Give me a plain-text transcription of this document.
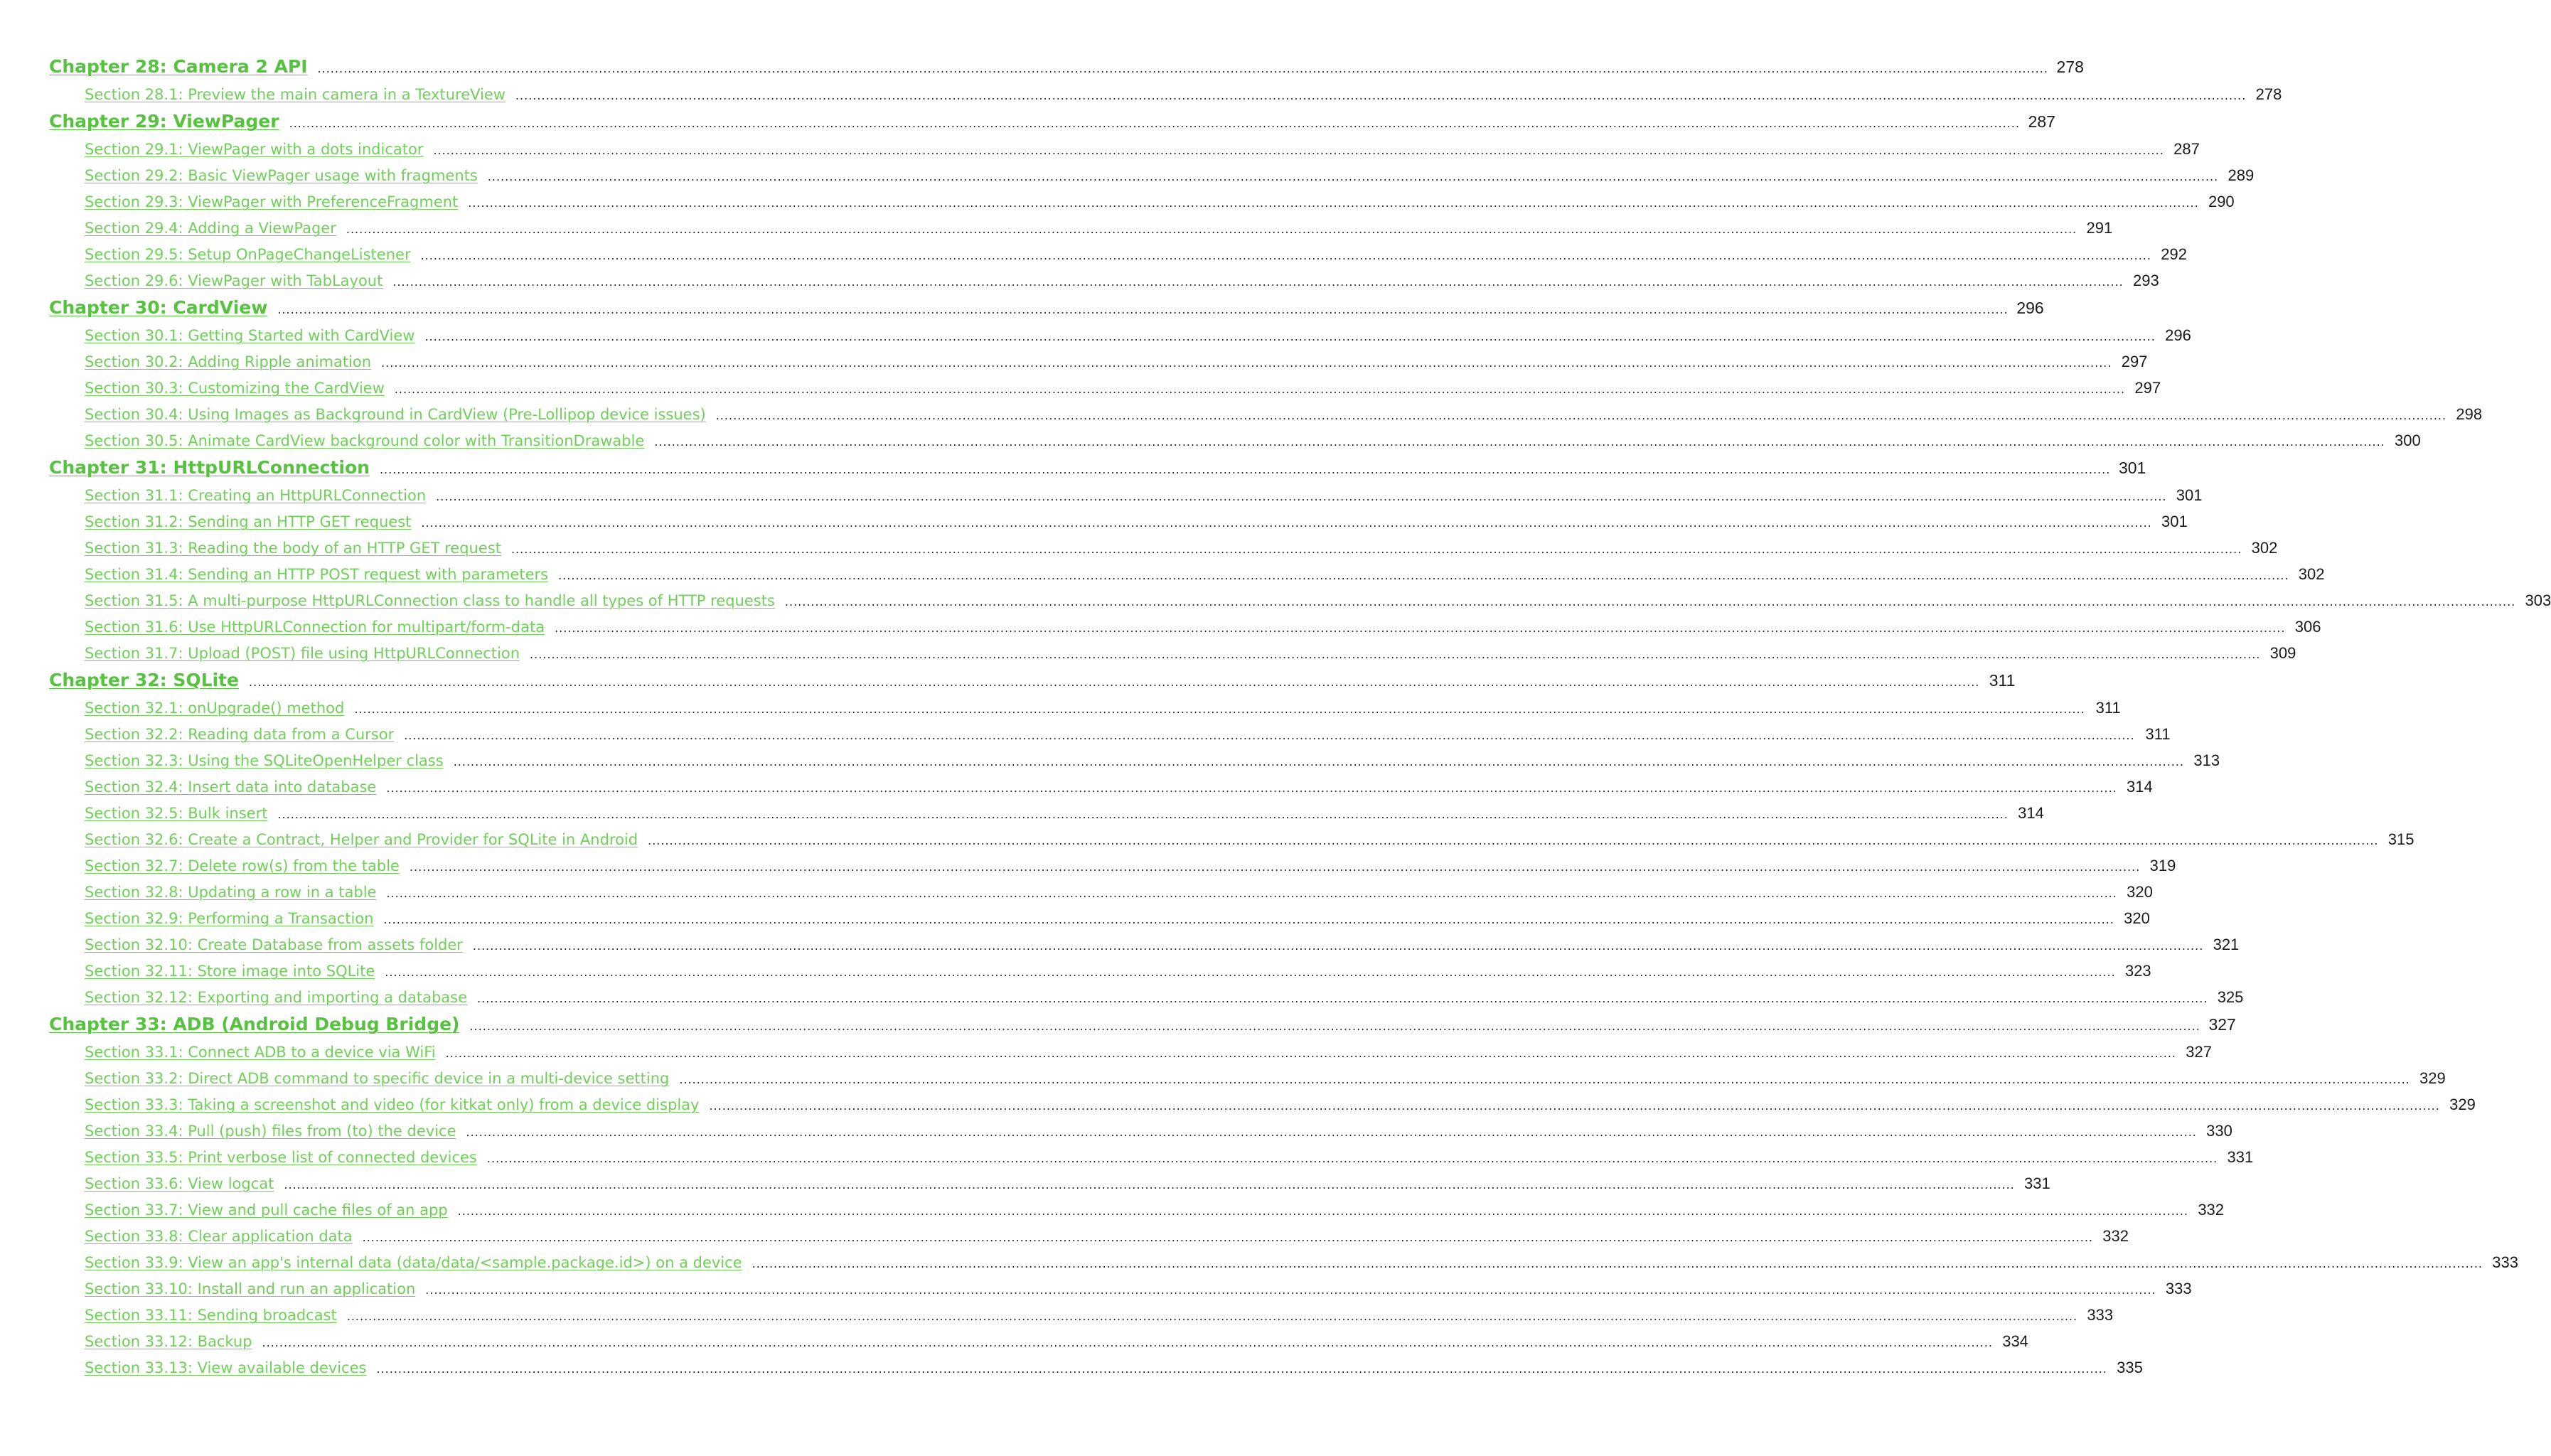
Chapter 28: Camera 2 API .....	278
Section 28.1: Preview the main camera in a TextureView .....	278
Chapter 29: ViewPager .....	287
Section 29.1: ViewPager with a dots indicator .....	287
Section 29.2: Basic ViewPager usage with fragments .....	289
Section 29.3: ViewPager with PreferenceFragment .....	290
Section 29.4: Adding a ViewPager .....	291
Section 29.5: Setup OnPageChangeListener .....	292
Section 29.6: ViewPager with TabLayout .....	293
Chapter 30: CardView .....	296
Section 30.1: Getting Started with CardView .....	296
Section 30.2: Adding Ripple animation .....	297
Section 30.3: Customizing the CardView .....	297
Section 30.4: Using Images as Background in CardView (Pre-Lollipop device issues) .....	298
Section 30.5: Animate CardView background color with TransitionDrawable .....	300
Chapter 31: HttpURLConnection .....	301
Section 31.1: Creating an HttpURLConnection .....	301
Section 31.2: Sending an HTTP GET request .....	301
Section 31.3: Reading the body of an HTTP GET request .....	302
Section 31.4: Sending an HTTP POST request with parameters .....	302
Section 31.5: A multi-purpose HttpURLConnection class to handle all types of HTTP requests .....	303
Section 31.6: Use HttpURLConnection for multipart/form-data .....	306
Section 31.7: Upload (POST) file using HttpURLConnection .....	309
Chapter 32: SQLite .....	311
Section 32.1: onUpgrade() method .....	311
Section 32.2: Reading data from a Cursor .....	311
Section 32.3: Using the SQLiteOpenHelper class .....	313
Section 32.4: Insert data into database .....	314
Section 32.5: Bulk insert .....	314
Section 32.6: Create a Contract, Helper and Provider for SQLite in Android .....	315
Section 32.7: Delete row(s) from the table .....	319
Section 32.8: Updating a row in a table .....	320
Section 32.9: Performing a Transaction .....	320
Section 32.10: Create Database from assets folder .....	321
Section 32.11: Store image into SQLite .....	323
Section 32.12: Exporting and importing a database .....	325
Chapter 33: ADB (Android Debug Bridge) .....	327
Section 33.1: Connect ADB to a device via WiFi .....	327
Section 33.2: Direct ADB command to specific device in a multi-device setting .....	329
Section 33.3: Taking a screenshot and video (for kitkat only) from a device display .....	329
Section 33.4: Pull (push) files from (to) the device .....	330
Section 33.5: Print verbose list of connected devices .....	331
Section 33.6: View logcat .....	331
Section 33.7: View and pull cache files of an app .....	332
Section 33.8: Clear application data .....	332
Section 33.9: View an app's internal data (data/data/<sample.package.id>) on a device .....	333
Section 33.10: Install and run an application .....	333
Section 33.11: Sending broadcast .....	333
Section 33.12: Backup .....	334
Section 33.13: View available devices .....	335
